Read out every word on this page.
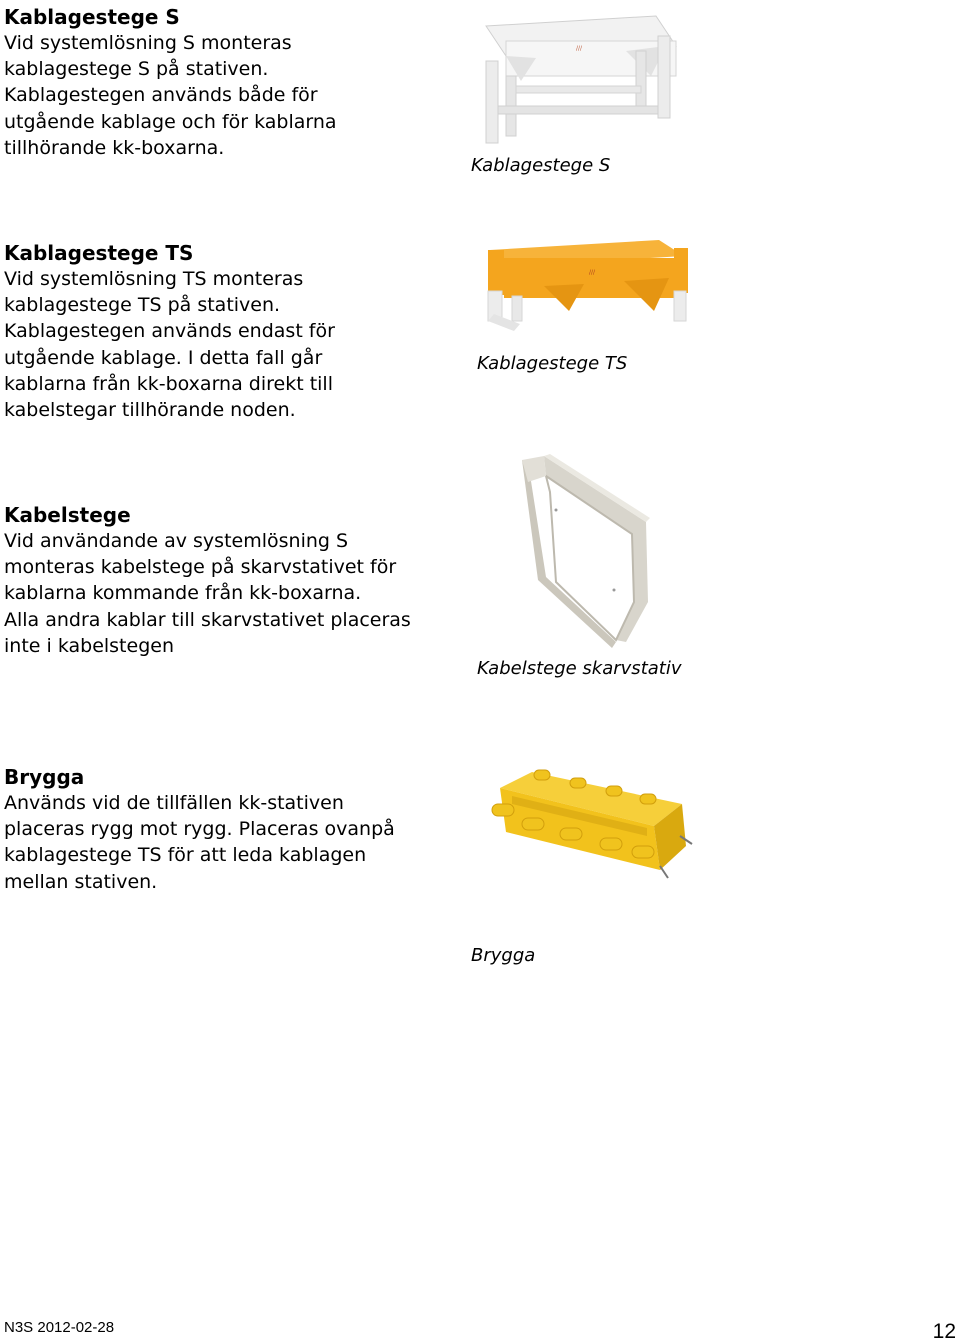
Kablagestege S
Vid systemlösning S monteras
kablagestege S på stativen.
Kablagestegen används både för
utgående kablage och för kablarna
tillhörande kk-boxarna.
///
Kablagestege S
Kablagestege TS
Vid systemlösning TS monteras
kablagestege TS på stativen.
Kablagestegen används endast för
utgående kablage. I detta fall går
kablarna från kk-boxarna direkt till
kabelstegar tillhörande noden.
///
Kablagestege TS
Kabelstege
Vid användande av systemlösning S
monteras kabelstege på skarvstativet för
kablarna kommande från kk-boxarna.
Alla andra kablar till skarvstativet placeras
inte i kabelstegen
Kabelstege skarvstativ
Brygga
Används vid de tillfällen kk-stativen
placeras rygg mot rygg. Placeras ovanpå
kablagestege TS för att leda kablagen
mellan stativen.
Brygga
N3S 2012-02-28	12
